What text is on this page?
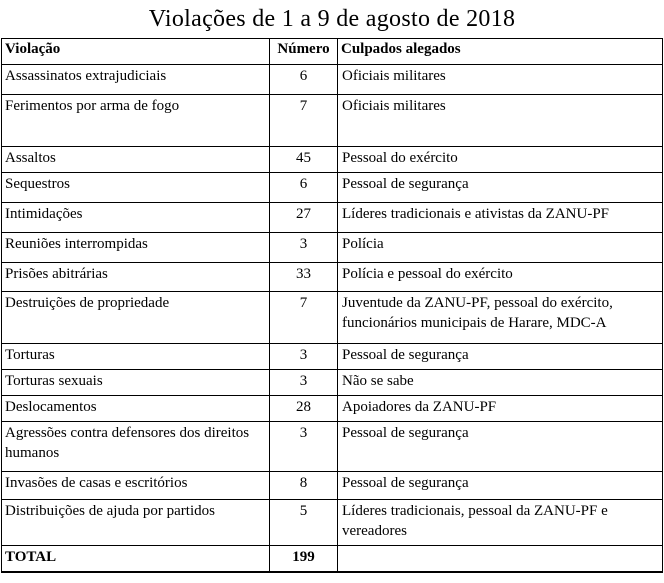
Violações de 1 a 9 de agosto de 2018
Violação	Número	Culpados alegados
Assassinatos extrajudiciais	6	Oficiais militares
Ferimentos por arma de fogo	7	Oficiais militares
Assaltos	45	Pessoal do exército
Sequestros	6	Pessoal de segurança
Intimidações	27	Líderes tradicionais e ativistas da ZANU-PF
Reuniões interrompidas	3	Polícia
Prisões abitrárias	33	Polícia e pessoal do exército
Destruições de propriedade	7	Juventude da ZANU-PF, pessoal do exército, funcionários municipais de Harare, MDC-A
Torturas	3	Pessoal de segurança
Torturas sexuais	3	Não se sabe
Deslocamentos	28	Apoiadores da ZANU-PF
Agressões contra defensores dos direitos humanos	3	Pessoal de segurança
Invasões de casas e escritórios	8	Pessoal de segurança
Distribuições de ajuda por partidos	5	Líderes tradicionais, pessoal da ZANU-PF e vereadores
TOTAL	199	
